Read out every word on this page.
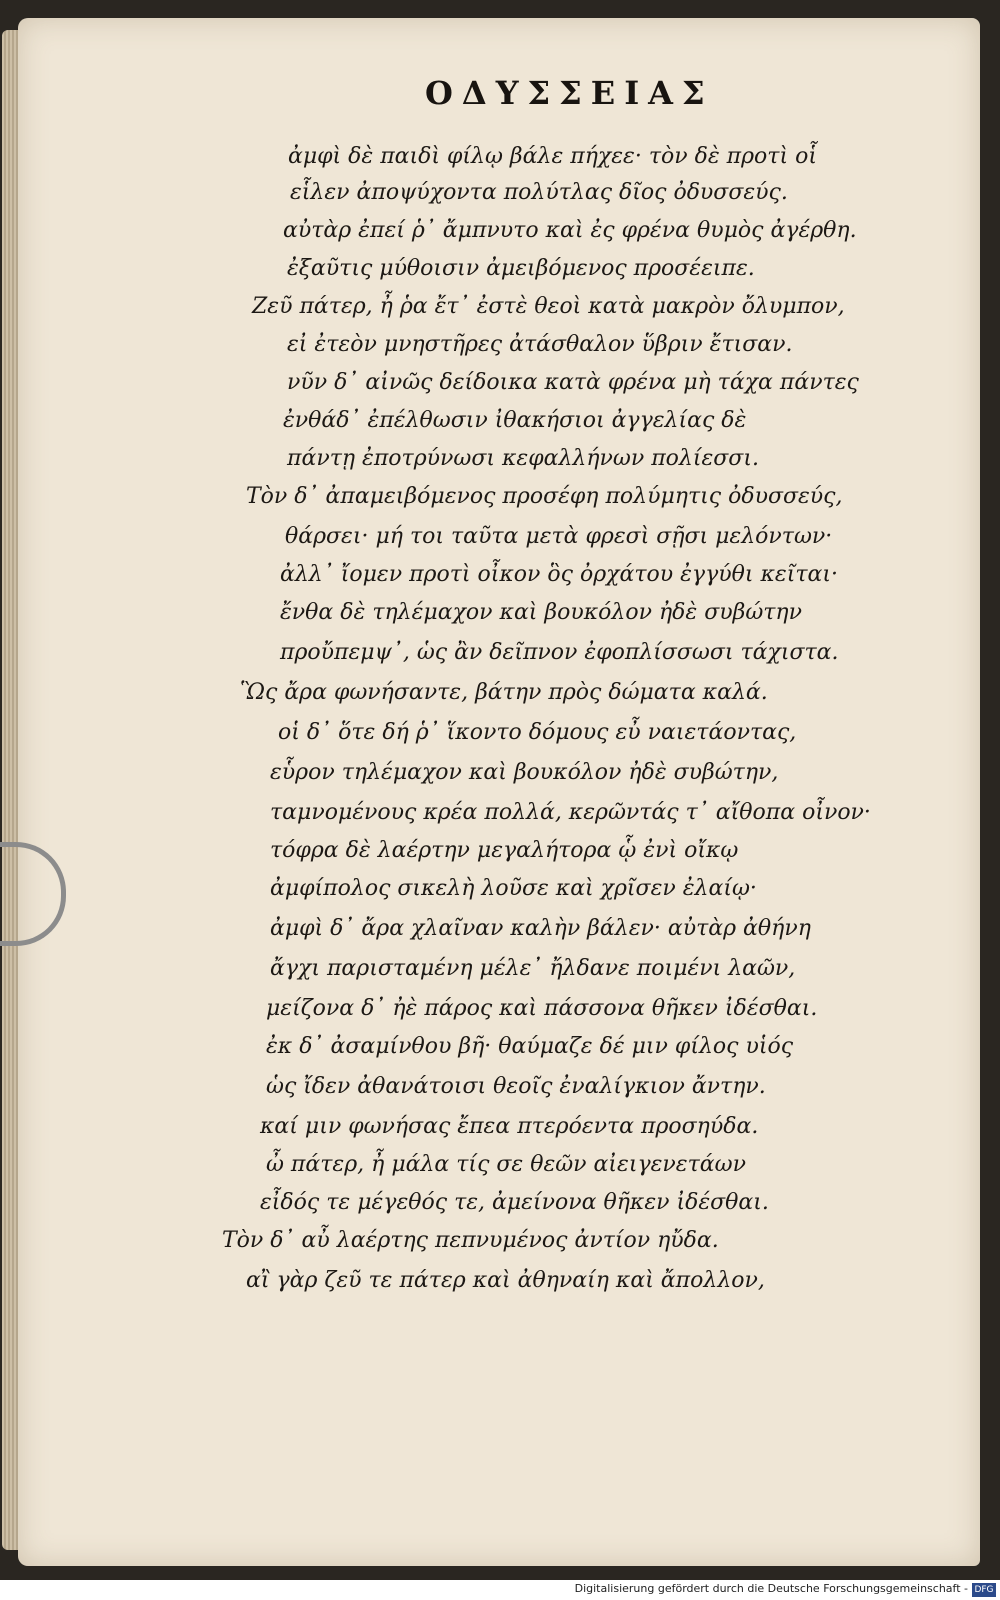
ΟΔΥΣΣΕΙΑΣ
ἀμφὶ δὲ παιδὶ φίλῳ βάλε πήχεε· τὸν δὲ προτὶ οἷ
εἷλεν ἀποψύχοντα πολύτλας δῖος ὀδυσσεύς.
αὐτὰρ ἐπεί ῥ᾽ ἄμπνυτο καὶ ἐς φρένα θυμὸς ἀγέρθη.
ἐξαῦτις μύθοισιν ἀμειβόμενος προσέειπε.
Ζεῦ πάτερ, ἦ ῥα ἔτ᾽ ἐστὲ θεοὶ κατὰ μακρὸν ὄλυμπον,
εἰ ἐτεὸν μνηστῆρες ἀτάσθαλον ὕβριν ἔτισαν.
νῦν δ᾽ αἰνῶς δείδοικα κατὰ φρένα μὴ τάχα πάντες
ἐνθάδ᾽ ἐπέλθωσιν ἰθακήσιοι ἀγγελίας δὲ
πάντῃ ἐποτρύνωσι κεφαλλήνων πολίεσσι.
Τὸν δ᾽ ἀπαμειβόμενος προσέφη πολύμητις ὀδυσσεύς,
θάρσει· μή τοι ταῦτα μετὰ φρεσὶ σῇσι μελόντων·
ἀλλ᾽ ἴομεν προτὶ οἶκον ὃς ὀρχάτου ἐγγύθι κεῖται·
ἔνθα δὲ τηλέμαχον καὶ βουκόλον ἠδὲ συβώτην
προὔπεμψ᾽, ὡς ἂν δεῖπνον ἐφοπλίσσωσι τάχιστα.
Ὣς ἄρα φωνήσαντε, βάτην πρὸς δώματα καλά.
οἱ δ᾽ ὅτε δή ῥ᾽ ἵκοντο δόμους εὖ ναιετάοντας,
εὗρον τηλέμαχον καὶ βουκόλον ἠδὲ συβώτην,
ταμνομένους κρέα πολλά, κερῶντάς τ᾽ αἴθοπα οἶνον·
τόφρα δὲ λαέρτην μεγαλήτορα ᾧ ἐνὶ οἴκῳ
ἀμφίπολος σικελὴ λοῦσε καὶ χρῖσεν ἐλαίῳ·
ἀμφὶ δ᾽ ἄρα χλαῖναν καλὴν βάλεν· αὐτὰρ ἀθήνη
ἄγχι παρισταμένη μέλε᾽ ἤλδανε ποιμένι λαῶν,
μείζονα δ᾽ ἠὲ πάρος καὶ πάσσονα θῆκεν ἰδέσθαι.
ἐκ δ᾽ ἀσαμίνθου βῆ· θαύμαζε δέ μιν φίλος υἱός
ὡς ἴδεν ἀθανάτοισι θεοῖς ἐναλίγκιον ἄντην.
καί μιν φωνήσας ἔπεα πτερόεντα προσηύδα.
ὦ πάτερ, ἦ μάλα τίς σε θεῶν αἰειγενετάων
εἶδός τε μέγεθός τε, ἀμείνονα θῆκεν ἰδέσθαι.
Τὸν δ᾽ αὖ λαέρτης πεπνυμένος ἀντίον ηὔδα.
αἲ γὰρ ζεῦ τε πάτερ καὶ ἀθηναίη καὶ ἄπολλον,
Digitalisierung gefördert durch die Deutsche Forschungsgemeinschaft - DFG
